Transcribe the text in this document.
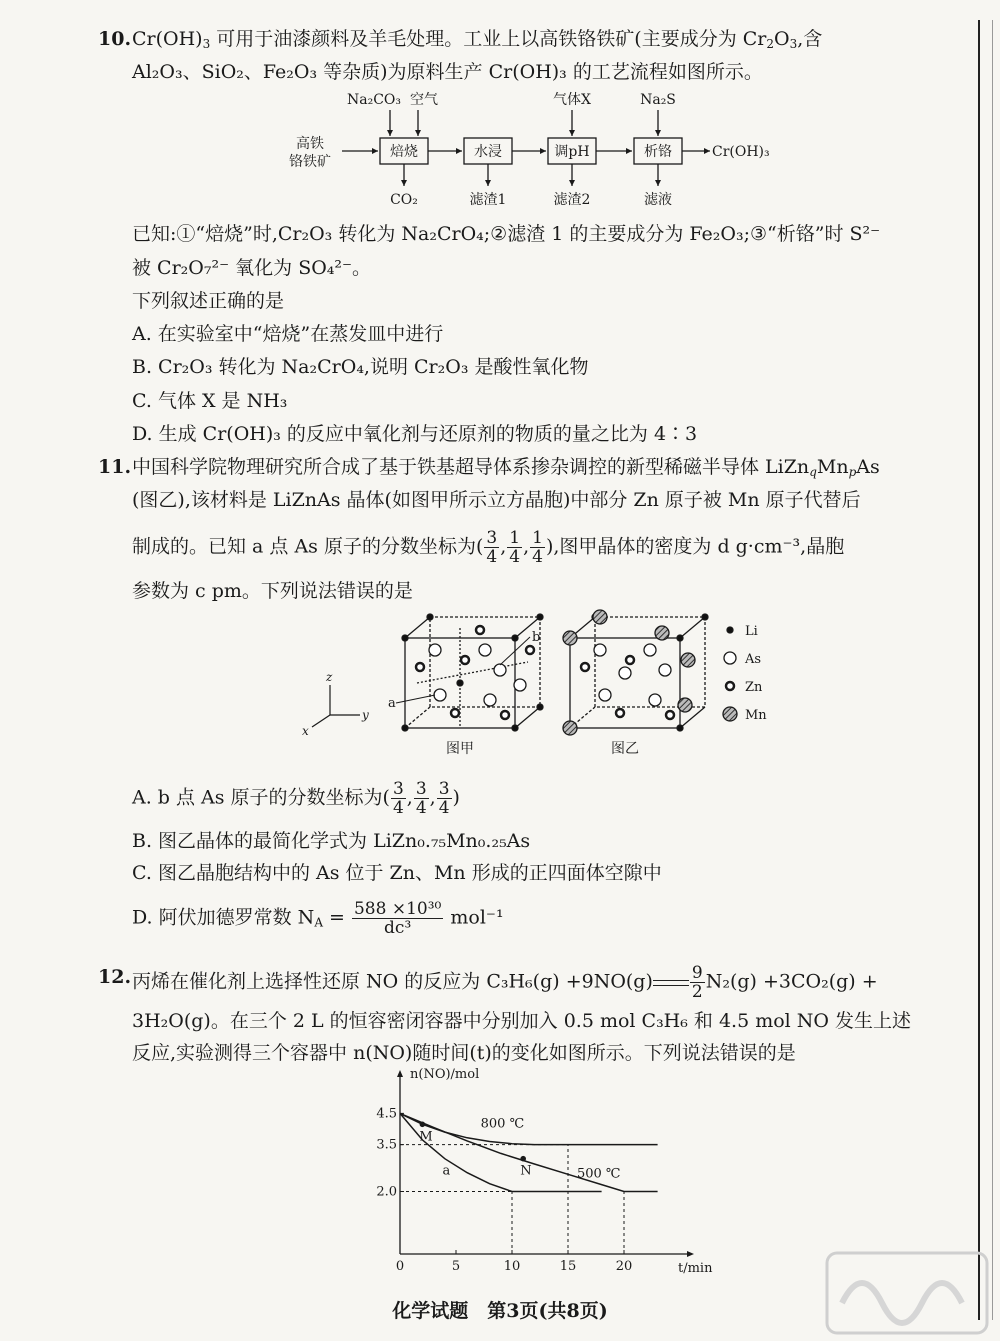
10. $Cr(OH)_3$ 可用于油漆颜料及羊毛处理。工业上以高铁铬铁矿(主要成分为 $Cr_2O_3$,含
Al₂O₃、SiO₂、Fe₂O₃ 等杂质)为原料生产 Cr(OH)₃ 的工艺流程如图所示。
高铁
铬铁矿
焙烧	水浸	调pH	析铬
Na₂CO₃ 空气	气体X	Na₂S
CO₂	滤渣1	滤渣2	滤液
Cr(OH)₃
已知:①“焙烧”时,Cr₂O₃ 转化为 Na₂CrO₄;②滤渣 1 的主要成分为 Fe₂O₃;③“析铬”时 S²⁻
被 Cr₂O₇²⁻ 氧化为 SO₄²⁻。
下列叙述正确的是
A. 在实验室中“焙烧”在蒸发皿中进行
B. Cr₂O₃ 转化为 Na₂CrO₄,说明 Cr₂O₃ 是酸性氧化物
C. 气体 X 是 NH₃
D. 生成 Cr(OH)₃ 的反应中氧化剂与还原剂的物质的量之比为 4∶3
11. 中国科学院物理研究所合成了基于铁基超导体系掺杂调控的新型稀磁半导体 $LiZn_qMn_pAs$
(图乙),该材料是 LiZnAs 晶体(如图甲所示立方晶胞)中部分 Zn 原子被 Mn 原子代替后
制成的。已知 a 点 As 原子的分数坐标为( $\frac{3}{4}$ , $\frac{1}{4}$ , $\frac{1}{4}$ ),图甲晶体的密度为 d g·cm⁻³,晶胞
参数为 c pm。下列说法错误的是
z
y
x
a
b
图甲	图乙
Li
As
Zn
Mn
A. b 点 As 原子的分数坐标为( $\frac{3}{4}$ , $\frac{3}{4}$ , $\frac{3}{4}$ )
B. 图乙晶体的最简化学式为 LiZn₀.₇₅Mn₀.₂₅As
C. 图乙晶胞结构中的 As 位于 Zn、Mn 形成的正四面体空隙中
D. 阿伏加德罗常数 $N_A = \frac{\text{588 ×10³⁰}}{\text{dc³}} mol^{-1}$
12. 丙烯在催化剂上选择性还原 NO 的反应为 $C_3H_6(g) +9NO(g) \frac{9}{2} N_2(g) +3CO_2(g)$ +
3H₂O(g)。在三个 2 L 的恒容密闭容器中分别加入 0.5 mol C₃H₆ 和 4.5 mol NO 发生上述
反应,实验测得三个容器中 n(NO)随时间(t)的变化如图所示。下列说法错误的是
n(NO)/mol
t/min
0	5	10	15	20
2.0
3.5
4.5
800 ℃
500 ℃
a
M
N
化学试题　第3页(共8页)
